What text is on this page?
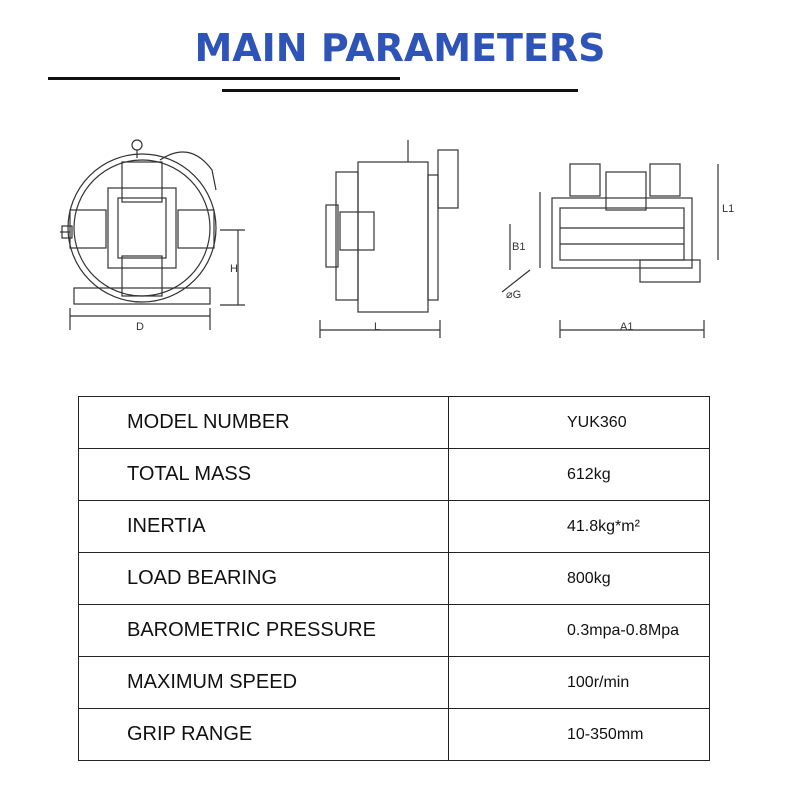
MAIN PARAMETERS
D
H
L	A1
L1
B1
⌀G
MODEL NUMBER	YUK360
TOTAL MASS	612kg
INERTIA	41.8kg*m²
LOAD BEARING	800kg
BAROMETRIC PRESSURE	0.3mpa-0.8Mpa
MAXIMUM SPEED	100r/min
GRIP RANGE	10-350mm
